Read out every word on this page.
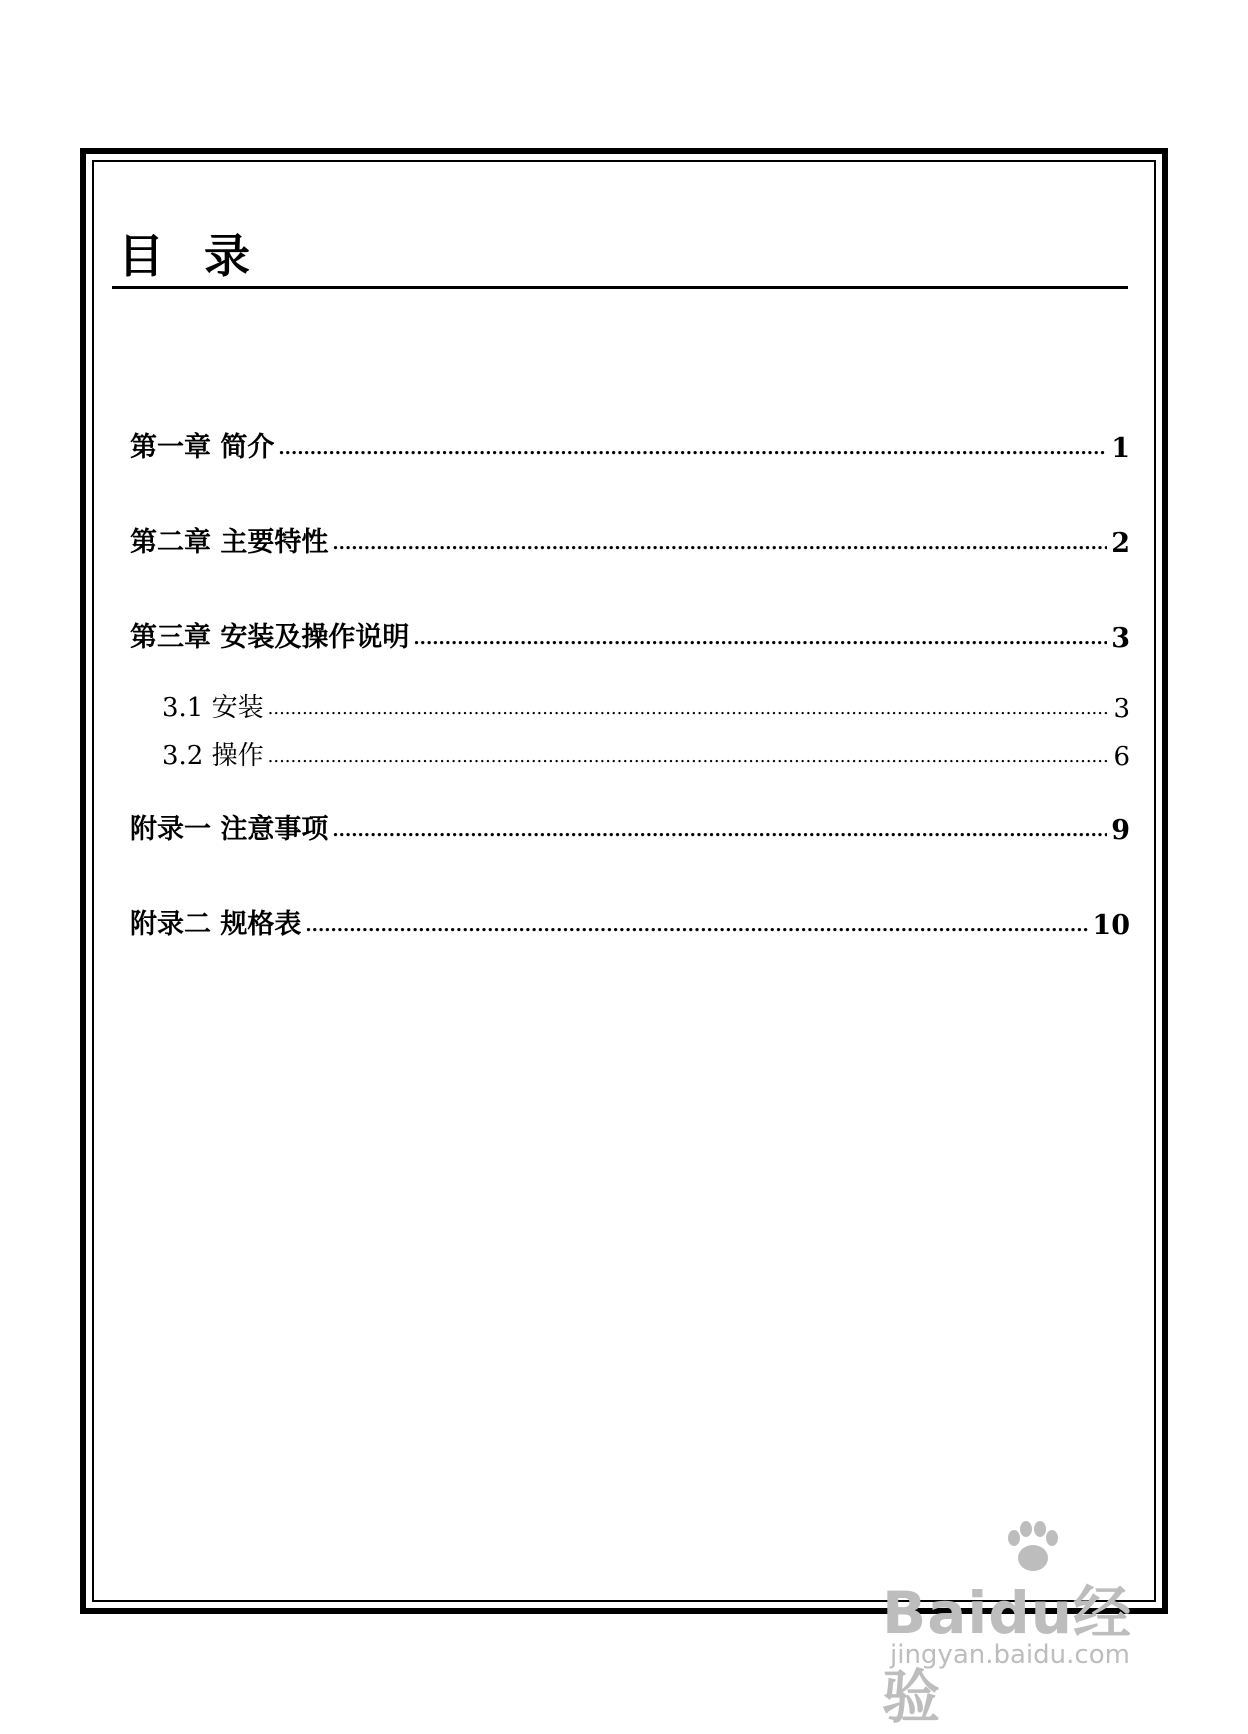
目录
第一章 简介 .....	1
第二章 主要特性 .....	2
第三章 安装及操作说明 .....	3
3.1 安装 .....	3
3.2 操作 .....	6
附录一 注意事项 .....	9
附录二 规格表 .....	10
Baidu经验
jingyan.baidu.com
